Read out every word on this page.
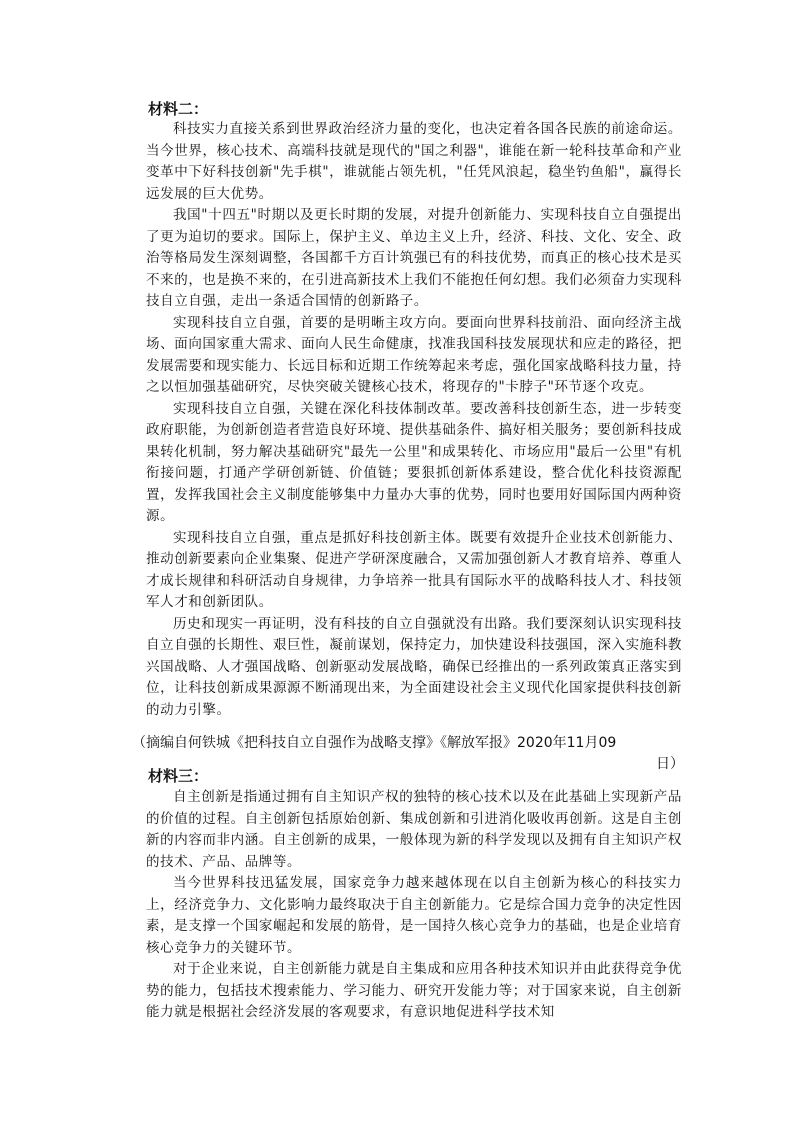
材料二：

科技实力直接关系到世界政治经济力量的变化，也决定着各国各民族的前途命运。当今世界，核心技术、高端科技就是现代的"国之利器"，谁能在新一轮科技革命和产业变革中下好科技创新"先手棋"，谁就能占领先机，"任凭风浪起，稳坐钓鱼船"，赢得长远发展的巨大优势。

我国"十四五"时期以及更长时期的发展，对提升创新能力、实现科技自立自强提出了更为迫切的要求。国际上，保护主义、单边主义上升，经济、科技、文化、安全、政治等格局发生深刻调整，各国都千方百计筑强已有的科技优势，而真正的核心技术是买不来的，也是换不来的，在引进高新技术上我们不能抱任何幻想。我们必须奋力实现科技自立自强，走出一条适合国情的创新路子。

实现科技自立自强，首要的是明晰主攻方向。要面向世界科技前沿、面向经济主战场、面向国家重大需求、面向人民生命健康，找准我国科技发展现状和应走的路径，把发展需要和现实能力、长远目标和近期工作统筹起来考虑，强化国家战略科技力量，持之以恒加强基础研究，尽快突破关键核心技术，将现存的"卡脖子"环节逐个攻克。

实现科技自立自强，关键在深化科技体制改革。要改善科技创新生态，进一步转变政府职能，为创新创造者营造良好环境、提供基础条件、搞好相关服务；要创新科技成果转化机制，努力解决基础研究"最先一公里"和成果转化、市场应用"最后一公里"有机衔接问题，打通产学研创新链、价值链；要狠抓创新体系建设，整合优化科技资源配置，发挥我国社会主义制度能够集中力量办大事的优势，同时也要用好国际国内两种资源。

实现科技自立自强，重点是抓好科技创新主体。既要有效提升企业技术创新能力、推动创新要素向企业集聚、促进产学研深度融合，又需加强创新人才教育培养、尊重人才成长规律和科研活动自身规律，力争培养一批具有国际水平的战略科技人才、科技领军人才和创新团队。

历史和现实一再证明，没有科技的自立自强就没有出路。我们要深刻认识实现科技自立自强的长期性、艰巨性，凝前谋划，保持定力，加快建设科技强国，深入实施科教兴国战略、人才强国战略、创新驱动发展战略，确保已经推出的一系列政策真正落实到位，让科技创新成果源源不断涌现出来，为全面建设社会主义现代化国家提供科技创新的动力引擎。

（摘编自何铁城《把科技自立自强作为战略支撑》《解放军报》2020年11月09
日）
材料三：

自主创新是指通过拥有自主知识产权的独特的核心技术以及在此基础上实现新产品的价值的过程。自主创新包括原始创新、集成创新和引进消化吸收再创新。这是自主创新的内容而非内涵。自主创新的成果，一般体现为新的科学发现以及拥有自主知识产权的技术、产品、品牌等。

当今世界科技迅猛发展，国家竞争力越来越体现在以自主创新为核心的科技实力上，经济竞争力、文化影响力最终取决于自主创新能力。它是综合国力竞争的决定性因素，是支撑一个国家崛起和发展的筋骨，是一国持久核心竞争力的基础，也是企业培育核心竞争力的关键环节。

对于企业来说，自主创新能力就是自主集成和应用各种技术知识并由此获得竞争优势的能力，包括技术搜索能力、学习能力、研究开发能力等；对于国家来说，自主创新能力就是根据社会经济发展的客观要求，有意识地促进科学技术知
